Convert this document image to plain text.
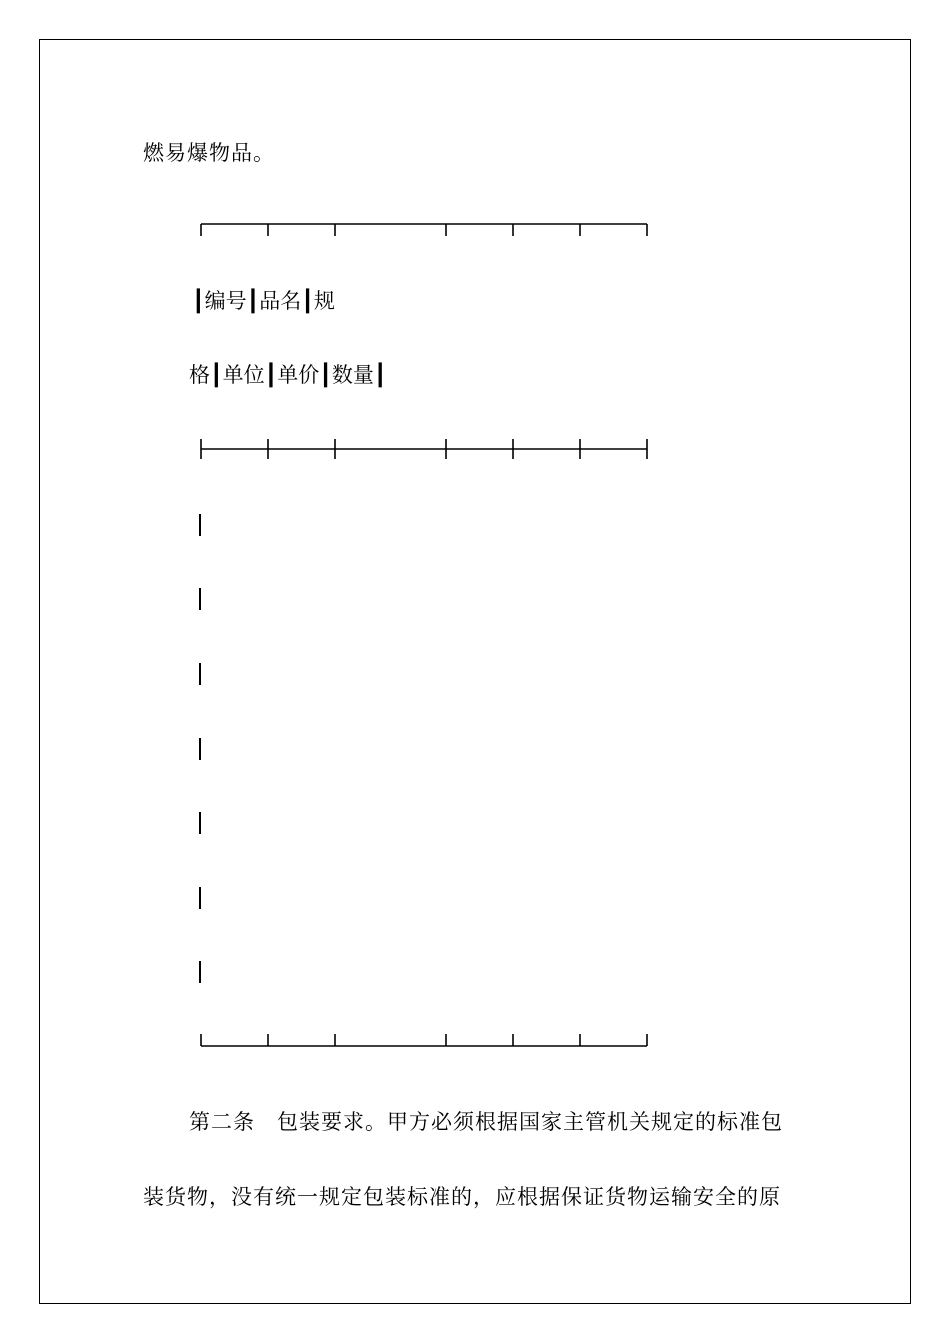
燃易爆物品。
┃编号┃品名┃规
格┃单位┃单价┃数量┃
第二条　包装要求。甲方必须根据国家主管机关规定的标准包
装货物，没有统一规定包装标准的，应根据保证货物运输安全的原
